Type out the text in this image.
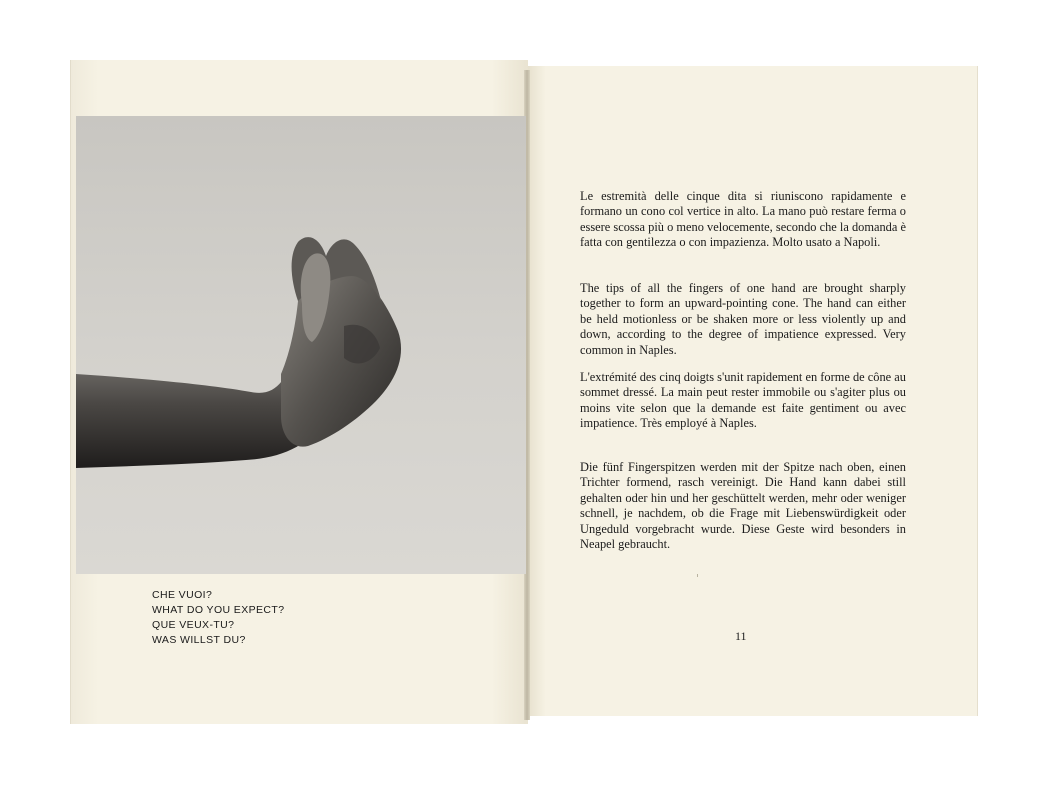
CHE VUOI?
WHAT DO YOU EXPECT?
QUE VEUX-TU?
WAS WILLST DU?
Le estremità delle cinque dita si riuniscono rapidamente e formano un cono col vertice in alto. La mano può restare ferma o essere scossa più o meno velocemente, secondo che la domanda è fatta con gentilezza o con impazienza. Molto usato a Napoli.
The tips of all the fingers of one hand are brought sharply together to form an upward-pointing cone. The hand can either be held motionless or be shaken more or less violently up and down, according to the degree of impatience expressed. Very common in Naples.
L'extrémité des cinq doigts s'unit rapidement en forme de cône au sommet dressé. La main peut rester immobile ou s'agiter plus ou moins vite selon que la demande est faite gentiment ou avec impatience. Très employé à Naples.
Die fünf Fingerspitzen werden mit der Spitze nach oben, einen Trichter formend, rasch vereinigt. Die Hand kann dabei still gehalten oder hin und her geschüttelt werden, mehr oder weniger schnell, je nachdem, ob die Frage mit Liebenswürdigkeit oder Ungeduld vorgebracht wurde. Diese Geste wird besonders in Neapel gebraucht.
11
